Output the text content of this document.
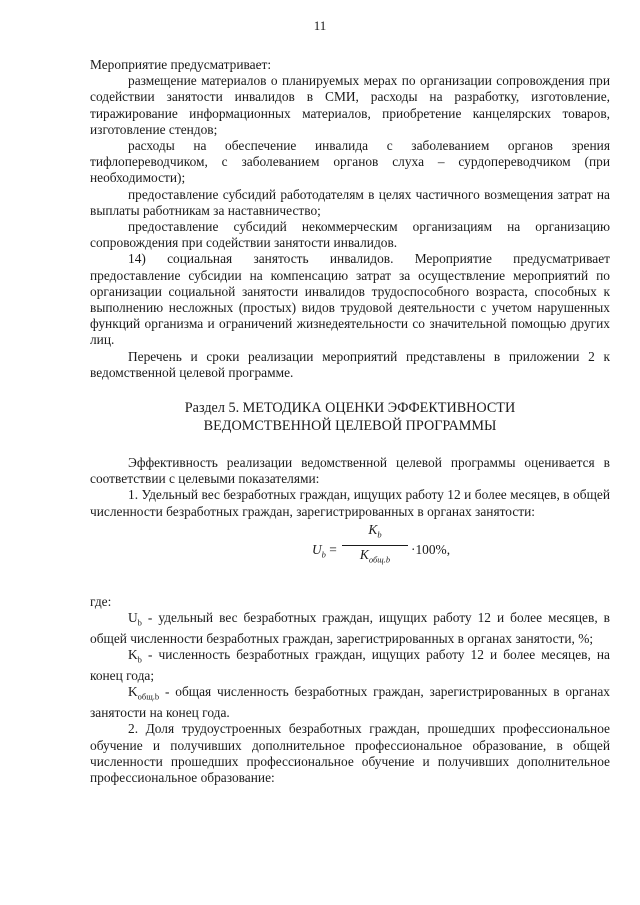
11

Мероприятие предусматривает:

размещение материалов о планируемых мерах по организации сопровождения при содействии занятости инвалидов в СМИ, расходы на разработку, изготовление, тиражирование информационных материалов, приобретение канцелярских товаров, изготовление стендов;

расходы на обеспечение инвалида с заболеванием органов зрения тифлопереводчиком, с заболеванием органов слуха – сурдопереводчиком (при необходимости);

предоставление субсидий работодателям в целях частичного возмещения затрат на выплаты работникам за наставничество;

предоставление субсидий некоммерческим организациям на организацию сопровождения при содействии занятости инвалидов.

14) социальная занятость инвалидов. Мероприятие предусматривает предоставление субсидии на компенсацию затрат за осуществление мероприятий по организации социальной занятости инвалидов трудоспособного возраста, способных к выполнению несложных (простых) видов трудовой деятельности с учетом нарушенных функций организма и ограничений жизнедеятельности со значительной помощью других лиц.

Перечень и сроки реализации мероприятий представлены в приложении 2 к ведомственной целевой программе.

Раздел 5. МЕТОДИКА ОЦЕНКИ ЭФФЕКТИВНОСТИ
ВЕДОМСТВЕННОЙ ЦЕЛЕВОЙ ПРОГРАММЫ

Эффективность реализации ведомственной целевой программы оценивается в соответствии с целевыми показателями:

1. Удельный вес безработных граждан, ищущих работу 12 и более месяцев, в общей численности безработных граждан, зарегистрированных в органах занятости:

$U_b$ =
$K_b$
$K_{общ.b}$
·100%,

где:

$U_b$ - удельный вес безработных граждан, ищущих работу 12 и более месяцев, в общей численности безработных граждан, зарегистрированных в органах занятости, %;

$K_b$ - численность безработных граждан, ищущих работу 12 и более месяцев, на конец года;

$K_{общ.b}$ - общая численность безработных граждан, зарегистрированных в органах занятости на конец года.

2. Доля трудоустроенных безработных граждан, прошедших профессиональное обучение и получивших дополнительное профессиональное образование, в общей численности прошедших профессиональное обучение и получивших дополнительное профессиональное образование:
